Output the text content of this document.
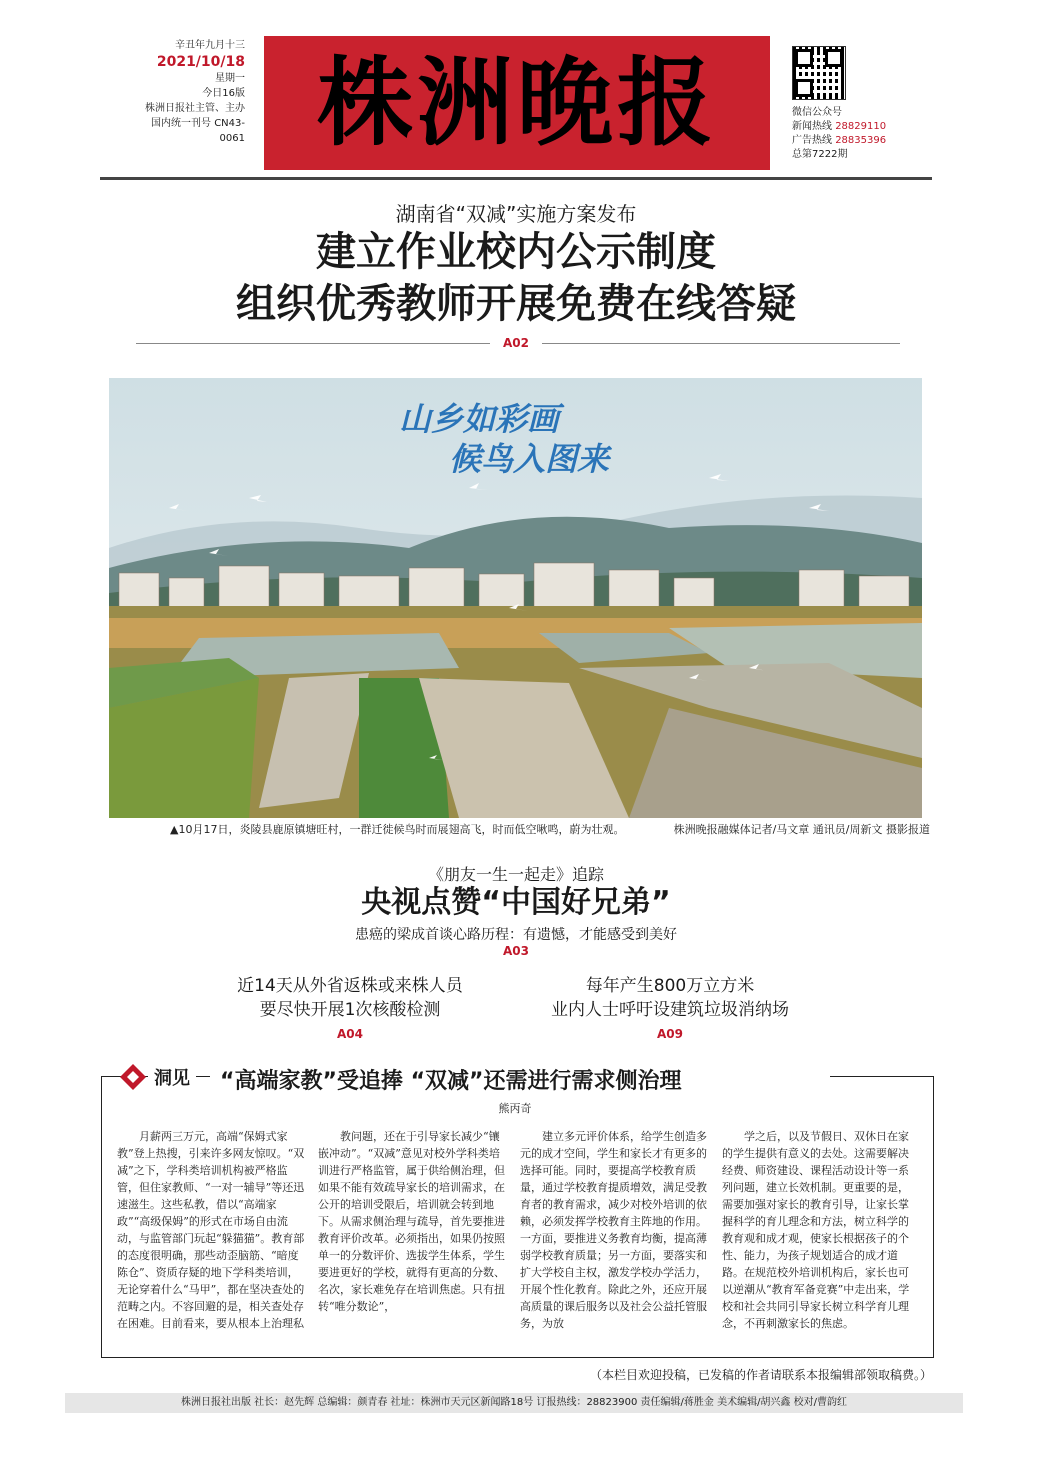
辛丑年九月十三
2021/10/18
星期一
今日16版
株洲日报社主管、主办
国内统一刊号 CN43-0061 株洲晚报	微信公众号
新闻热线 28829110
广告热线 28835396
总第7222期
湖南省“双减”实施方案发布
建立作业校内公示制度
组织优秀教师开展免费在线答疑
A02
山乡如彩画
候鸟入图来
▲10月17日，炎陵县鹿原镇塘旺村，一群迁徙候鸟时而展翅高飞，时而低空啾鸣，蔚为壮观。	株洲晚报融媒体记者/马文章 通讯员/周新文 摄影报道
《朋友一生一起走》追踪
央视点赞“中国好兄弟”
患癌的梁成首谈心路历程：有遗憾，才能感受到美好
A03
近14天从外省返株或来株人员
要尽快开展1次核酸检测
A04
每年产生800万立方米
业内人士呼吁设建筑垃圾消纳场
A09
洞见	“高端家教”受追捧 “双减”还需进行需求侧治理
熊丙奇

月薪两三万元，高端“保姆式家教”登上热搜，引来许多网友惊叹。“双减”之下，学科类培训机构被严格监管，但住家教师、“一对一辅导”等还迅速滋生。这些私教，借以“高端家政”“高级保姆”的形式在市场自由流动，与监管部门玩起“躲猫猫”。教育部的态度很明确，那些动歪脑筋、“暗度陈仓”、资质存疑的地下学科类培训，无论穿着什么“马甲”，都在坚决查处的范畴之内。不容回避的是，相关查处存在困难。目前看来，要从根本上治理私

教问题，还在于引导家长减少“镶嵌冲动”。“双减”意见对校外学科类培训进行严格监管，属于供给侧治理，但如果不能有效疏导家长的培训需求，在公开的培训受限后，培训就会转到地下。从需求侧治理与疏导，首先要推进教育评价改革。必须指出，如果仍按照单一的分数评价、选拔学生体系，学生要进更好的学校，就得有更高的分数、名次，家长难免存在培训焦虑。只有扭转“唯分数论”，

建立多元评价体系，给学生创造多元的成才空间，学生和家长才有更多的选择可能。同时，要提高学校教育质量，通过学校教育提质增效，满足受教育者的教育需求，减少对校外培训的依赖，必须发挥学校教育主阵地的作用。一方面，要推进义务教育均衡，提高薄弱学校教育质量；另一方面，要落实和扩大学校自主权，激发学校办学活力，开展个性化教育。除此之外，还应开展高质量的课后服务以及社会公益托管服务，为放

学之后，以及节假日、双休日在家的学生提供有意义的去处。这需要解决经费、师资建设、课程活动设计等一系列问题，建立长效机制。更重要的是，需要加强对家长的教育引导，让家长掌握科学的育儿理念和方法，树立科学的教育观和成才观，使家长根据孩子的个性、能力，为孩子规划适合的成才道路。在规范校外培训机构后，家长也可以逆潮从“教育军备竞赛”中走出来，学校和社会共同引导家长树立科学育儿理念，不再刺激家长的焦虑。

（本栏目欢迎投稿，已发稿的作者请联系本报编辑部领取稿费。）
株洲日报社出版 社长：赵先辉 总编辑：颜青春 社址：株洲市天元区新闻路18号 订报热线：28823900 责任编辑/蒋胜金 美术编辑/胡兴鑫 校对/曹韵红
